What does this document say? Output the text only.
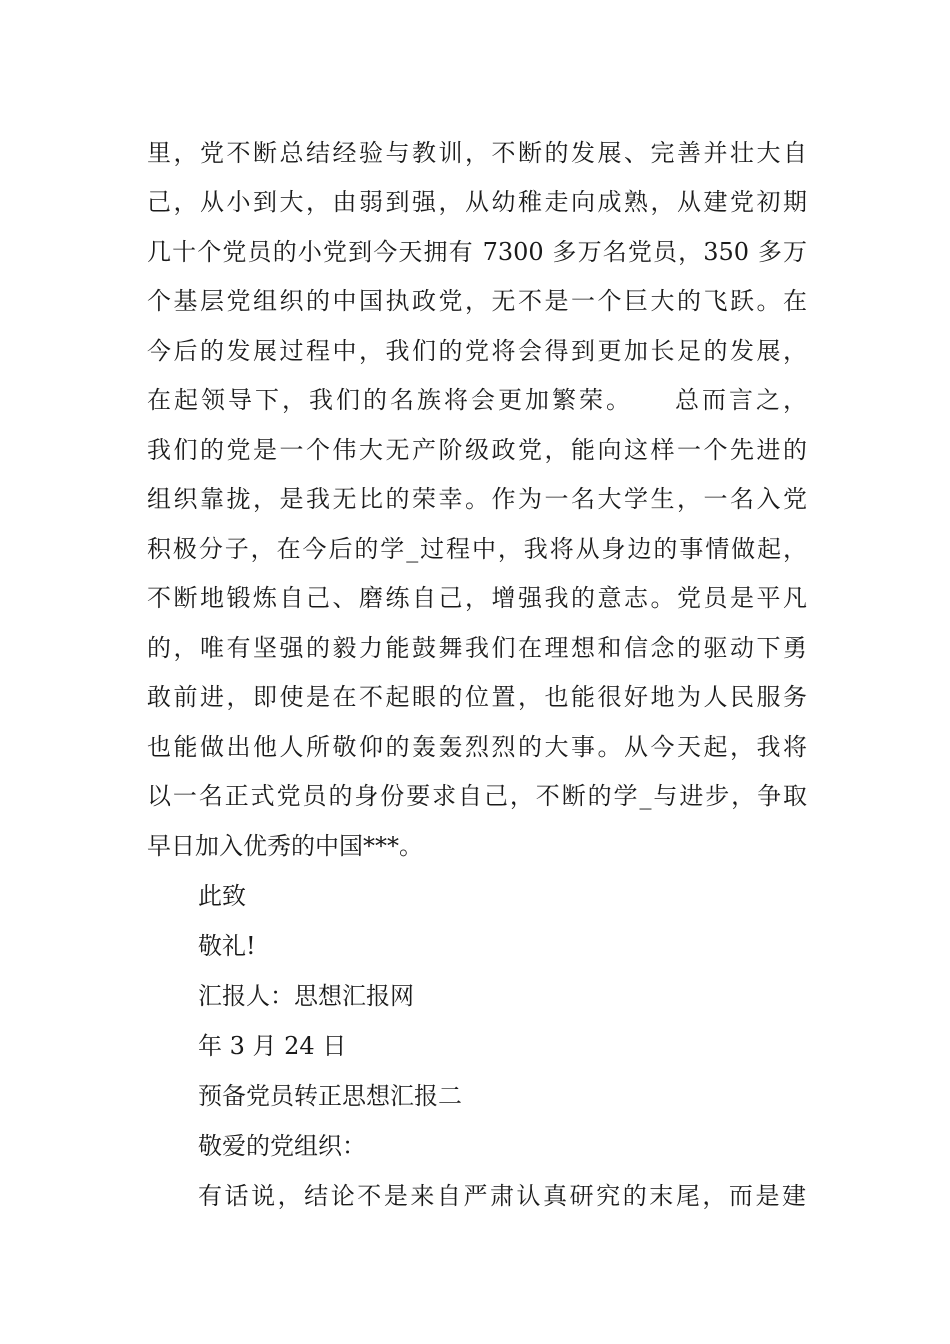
里，党不断总结经验与教训，不断的发展、完善并壮大自
己，从小到大，由弱到强，从幼稚走向成熟，从建党初期
几十个党员的小党到今天拥有 7300 多万名党员，350 多万
个基层党组织的中国执政党，无不是一个巨大的飞跃。在
今后的发展过程中，我们的党将会得到更加长足的发展，
在起领导下，我们的名族将会更加繁荣。　　总而言之，
我们的党是一个伟大无产阶级政党，能向这样一个先进的
组织靠拢，是我无比的荣幸。作为一名大学生，一名入党
积极分子，在今后的学_过程中，我将从身边的事情做起，
不断地锻炼自己、磨练自己，增强我的意志。党员是平凡
的，唯有坚强的毅力能鼓舞我们在理想和信念的驱动下勇
敢前进，即使是在不起眼的位置，也能很好地为人民服务
也能做出他人所敬仰的轰轰烈烈的大事。从今天起，我将
以一名正式党员的身份要求自己，不断的学_与进步，争取
早日加入优秀的中国***。
此致
敬礼!
汇报人：思想汇报网
年 3 月 24 日
预备党员转正思想汇报二
敬爱的党组织：
有话说，结论不是来自严肃认真研究的末尾，而是建
